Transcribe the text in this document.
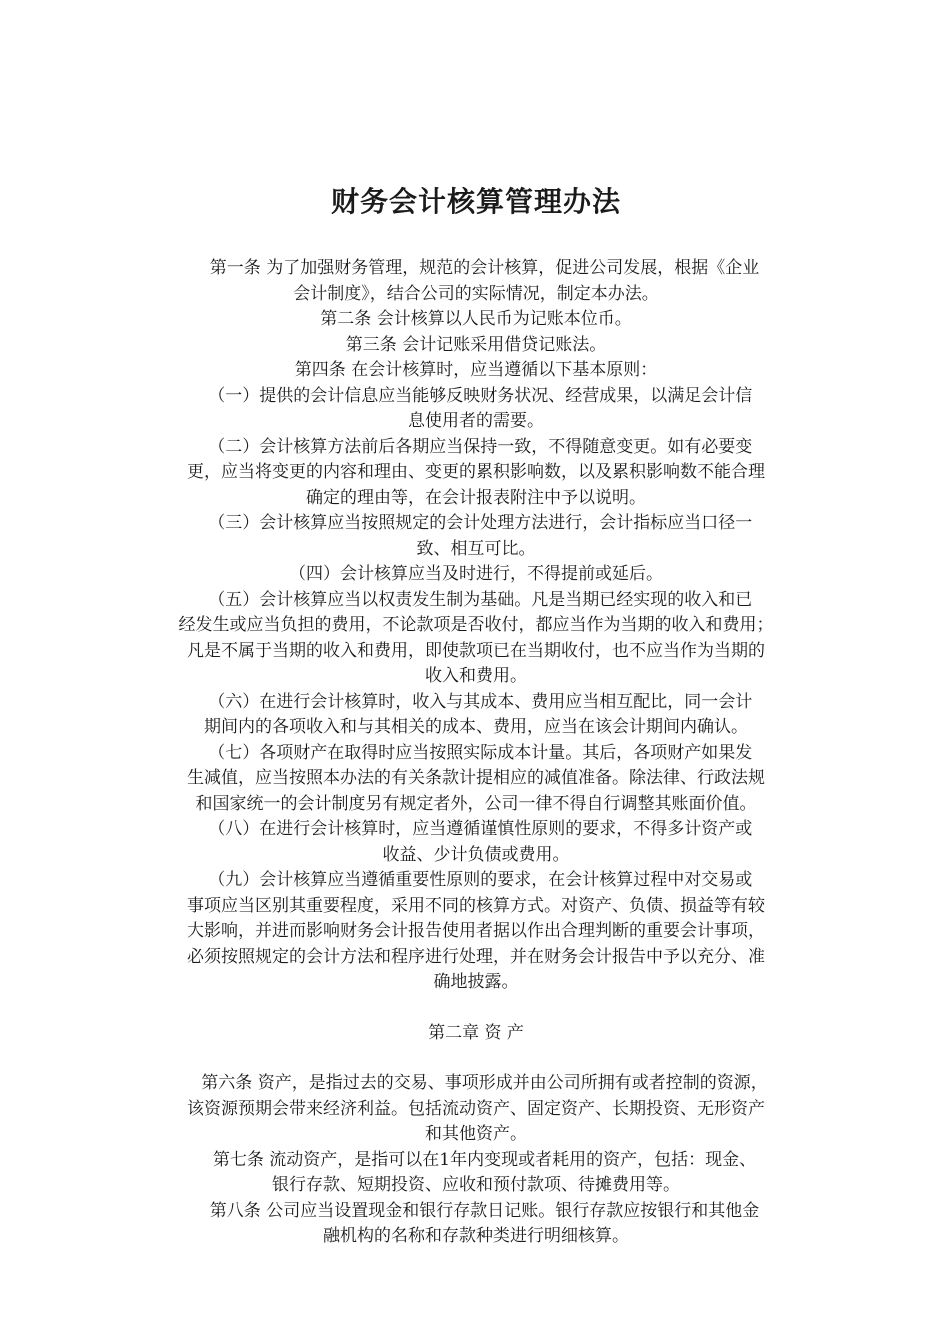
财务会计核算管理办法

　第一条 为了加强财务管理，规范的会计核算，促进公司发展，根据《企业
会计制度》，结合公司的实际情况，制定本办法。

第二条 会计核算以人民币为记账本位币。

第三条 会计记账采用借贷记账法。

第四条 在会计核算时，应当遵循以下基本原则：

　（一）提供的会计信息应当能够反映财务状况、经营成果，以满足会计信
息使用者的需要。

　（二）会计核算方法前后各期应当保持一致，不得随意变更。如有必要变
更，应当将变更的内容和理由、变更的累积影响数，以及累积影响数不能合理
确定的理由等，在会计报表附注中予以说明。

　（三）会计核算应当按照规定的会计处理方法进行，会计指标应当口径一
致、相互可比。

（四）会计核算应当及时进行，不得提前或延后。

　（五）会计核算应当以权责发生制为基础。凡是当期已经实现的收入和已
经发生或应当负担的费用，不论款项是否收付，都应当作为当期的收入和费用；
凡是不属于当期的收入和费用，即使款项已在当期收付，也不应当作为当期的
收入和费用。

　（六）在进行会计核算时，收入与其成本、费用应当相互配比，同一会计
期间内的各项收入和与其相关的成本、费用，应当在该会计期间内确认。

　（七）各项财产在取得时应当按照实际成本计量。其后，各项财产如果发
生减值，应当按照本办法的有关条款计提相应的减值准备。除法律、行政法规
和国家统一的会计制度另有规定者外，公司一律不得自行调整其账面价值。

　（八）在进行会计核算时，应当遵循谨慎性原则的要求，不得多计资产或
收益、少计负债或费用。

　（九）会计核算应当遵循重要性原则的要求，在会计核算过程中对交易或
事项应当区别其重要程度，采用不同的核算方式。对资产、负债、损益等有较
大影响，并进而影响财务会计报告使用者据以作出合理判断的重要会计事项，
必须按照规定的会计方法和程序进行处理，并在财务会计报告中予以充分、准
确地披露。

第二章 资 产

　第六条 资产，是指过去的交易、事项形成并由公司所拥有或者控制的资源，
该资源预期会带来经济利益。包括流动资产、固定资产、长期投资、无形资产
和其他资产。

　第七条 流动资产，是指可以在1年内变现或者耗用的资产，包括：现金、
银行存款、短期投资、应收和预付款项、待摊费用等。

　第八条 公司应当设置现金和银行存款日记账。银行存款应按银行和其他金
融机构的名称和存款种类进行明细核算。
